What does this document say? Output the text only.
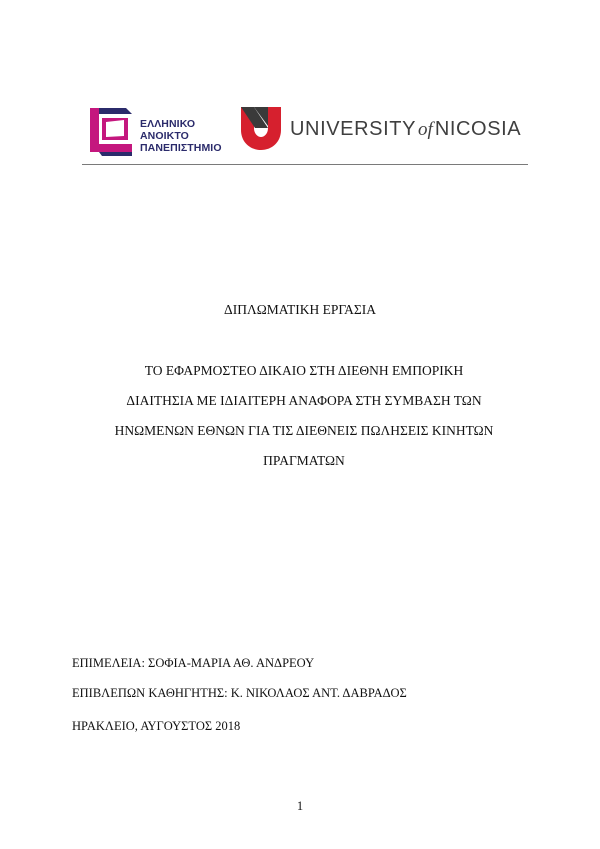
ΕΛΛΗΝΙΚΟ
ΑΝΟΙΚΤΟ
ΠΑΝΕΠΙΣΤΗΜΙΟ
UNIVERSITY of NICOSIA
ΔΙΠΛΩΜΑΤΙΚΗ ΕΡΓΑΣΙΑ
ΤΟ ΕΦΑΡΜΟΣΤΕΟ ΔΙΚΑΙΟ ΣΤΗ ΔΙΕΘΝΗ ΕΜΠΟΡΙΚΗ
ΔΙΑΙΤΗΣΙΑ ΜΕ ΙΔΙΑΙΤΕΡΗ ΑΝΑΦΟΡΑ ΣΤΗ ΣΥΜΒΑΣΗ ΤΩΝ
ΗΝΩΜΕΝΩΝ ΕΘΝΩΝ ΓΙΑ ΤΙΣ ΔΙΕΘΝΕΙΣ ΠΩΛΗΣΕΙΣ ΚΙΝΗΤΩΝ
ΠΡΑΓΜΑΤΩΝ
ΕΠΙΜΕΛΕΙΑ: ΣΟΦΙΑ-ΜΑΡΙΑ ΑΘ. ΑΝΔΡΕΟΥ
ΕΠΙΒΛΕΠΩΝ ΚΑΘΗΓΗΤΗΣ: Κ. ΝΙΚΟΛΑΟΣ ΑΝΤ. ΔΑΒΡΑΔΟΣ
ΗΡΑΚΛΕΙΟ, ΑΥΓΟΥΣΤΟΣ 2018
1
